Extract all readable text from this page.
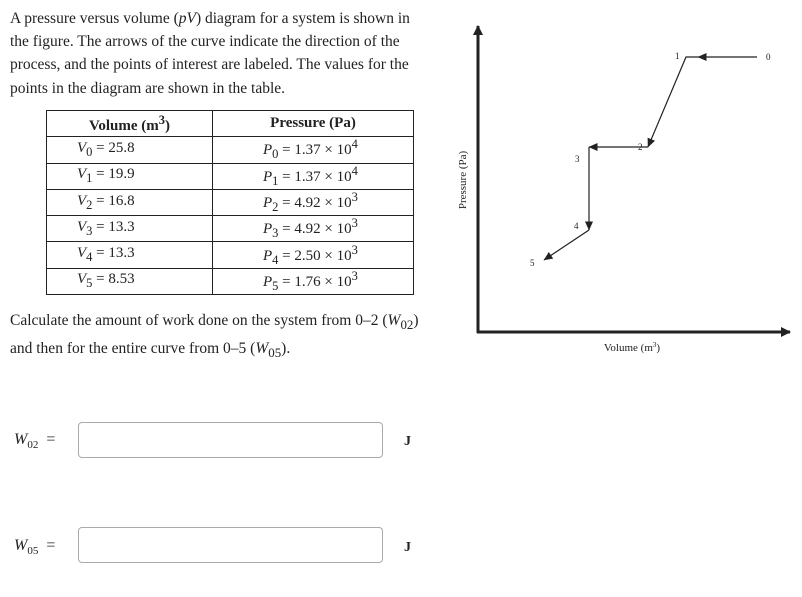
A pressure versus volume (pV) diagram for a system is shown in the figure. The arrows of the curve indicate the direction of the process, and the points of interest are labeled. The values for the points in the diagram are shown in the table.
Volume $(m^3)$	Pressure (Pa)
$V_0 = 25.8$	$P_0 = 1.37 \times 10^4$
$V_1 = 19.9$	$P_1 = 1.37 \times 10^4$
$V_2 = 16.8$	$P_2 = 4.92 \times 10^3$
$V_3 = 13.3$	$P_3 = 4.92 \times 10^3$
$V_4 = 13.3$	$P_4 = 2.50 \times 10^3$
$V_5 = 8.53$	$P_5 = 1.76 \times 10^3$
Calculate the amount of work done on the system from 0–2 $(W_{02})$ and then for the entire curve from 0–5 $(W_{05})$.
$W_{02}$ =	J
$W_{05}$ =	J
Pressure (Pa)
Volume $(m^3)$
0
1
2
3
4
5
